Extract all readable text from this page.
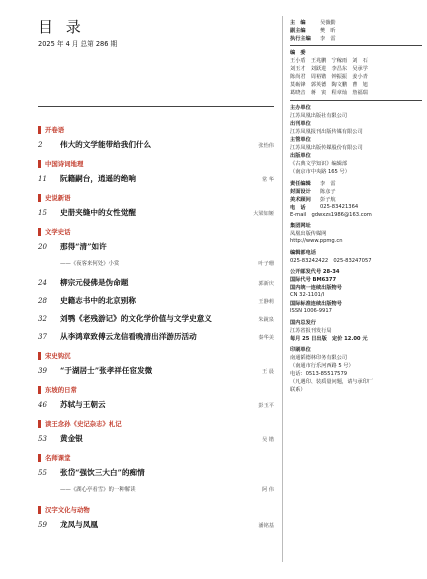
目 录
2025 年 4 月 总第 286 期
开卷语
2	伟大的文学能带给我们什么	张怡伟
中国诗词地理
11	阮籍嗣台，逍遥的绝响	常 华
史说新语
15	史册夹缝中的女性觉醒	大梁如姬
文学史话
20	那得“清”如许
——《夜客来何处》小赏	叶子珊
24	柳宗元侵佛是伪命题	郭新庆
28	史籍志书中的北京别称	王静莉
32	刘鹗《老残游记》的文化学价值与文学史意义	朱銳泉
37	从李鸿章致傅云龙信看晚清出洋游历活动	秦华美
宋史钩沉
39	“于湖居士”张孝祥任宦发微	王 晨
东坡的日常
46	苏轼与王朝云	彭玉平
读王念孙《史记杂志》札记
53	黄金银	吴 锴
名师课堂
55	张岱“强饮三大白”的痴情
——《湖心亭看雪》的一种解读	阿 伟
汉字文化与动物
59	龙凤与凤凰	潘铭基
主　编	吴薇勤
副主编	樊　昕
执行主编	李　雷
编　委
王小盾　王兆鹏　宁稼雨　刘　石
刘玉才　刘跃进　李昌东　吴承学
陈尚君　周裕锴　钟振振　姜小青
莫砺锋　郭英德　陶文鹏　曹　旭
葛晓音　蒋　寅　程章灿　詹福瑞
主办单位
江苏凤凰出版社有限公司
出刊单位
江苏凤凰报刊出版传媒有限公司
主管单位
江苏凤凰出版传媒股份有限公司
出版单位
《古典文学知识》编辑部
（南京市中央路 165 号）
责任编辑	李　雷
封面设计	陈彦子
美术顾问	彭子航
电　话	025-83421364
E-mail　gdwxzs1986@163.com
集团网址
凤凰出版传媒网
http://www.ppmg.cn
编辑部电话
025-83242422　025-83247057
公开邮发代号 28-34
国际代号 BM6377
国内统一连续出版物号
CN 32-1101/I
国际标准连续出版物号
ISSN 1006-9917
国内总发行
江苏省报刊发行局
每月 25 日出版　定价 12.00 元
印刷单位
南通韬德林印务有限公司
（南通市行乐河西路 5 号）
电话：0513-85517579
（凡遇印、装质量问题，请与承印厂
联系）
